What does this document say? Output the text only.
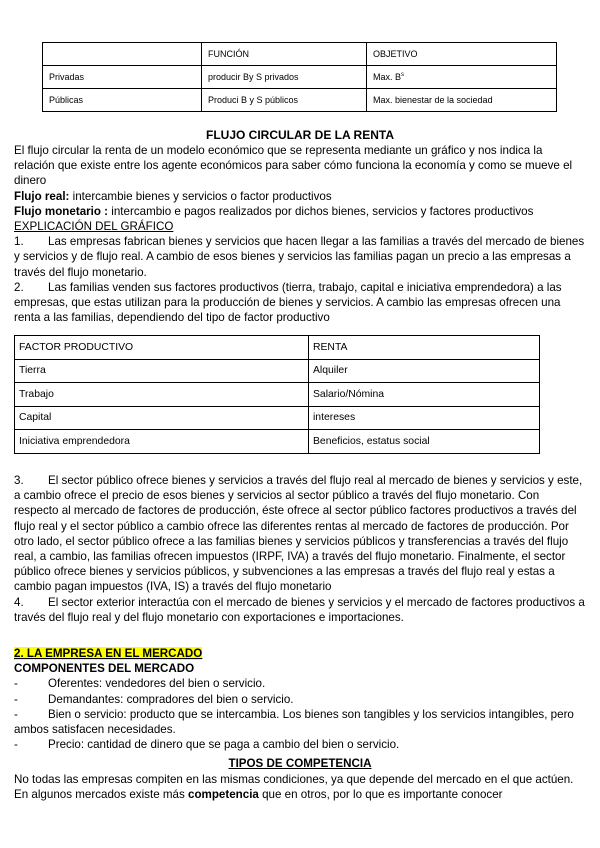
	FUNCIÓN	OBJETIVO
Privadas	producir By S privados	Max. $B^s$
Públicas	Produci B y S públicos	Max. bienestar de la sociedad
FLUJO CIRCULAR DE LA RENTA
El flujo circular la renta de un modelo económico que se representa mediante un gráfico y nos indica la relación que existe entre los agente económicos para saber cómo funciona la economía y como se mueve el dinero
Flujo real: intercambie bienes y servicios o factor productivos
Flujo monetario : intercambio e pagos realizados por dichos bienes, servicios y factores productivos
EXPLICACIÓN DEL GRÁFICO
1. Las empresas fabrican bienes y servicios que hacen llegar a las familias a través del mercado de bienes y servicios y de flujo real. A cambio de esos bienes y servicios las familias pagan un precio a las empresas a través del flujo monetario.
2. Las familias venden sus factores productivos (tierra, trabajo, capital e iniciativa emprendedora) a las empresas, que estas utilizan para la producción de bienes y servicios. A cambio las empresas ofrecen una renta a las familias, dependiendo del tipo de factor productivo
FACTOR PRODUCTIVO	RENTA
Tierra	Alquiler
Trabajo	Salario/Nómina
Capital	intereses
Iniciativa emprendedora	Beneficios, estatus social
3. El sector público ofrece bienes y servicios a través del flujo real al mercado de bienes y servicios y este, a cambio ofrece el precio de esos bienes y servicios al sector público a través del flujo monetario. Con respecto al mercado de factores de producción, éste ofrece al sector público factores productivos a través del flujo real y el sector público a cambio ofrece las diferentes rentas al mercado de factores de producción. Por otro lado, el sector público ofrece a las familias bienes y servicios públicos y transferencias a través del flujo real, a cambio, las familias ofrecen impuestos (IRPF, IVA) a través del flujo monetario. Finalmente, el sector público ofrece bienes y servicios públicos, y subvenciones a las empresas a través del flujo real y estas a cambio pagan impuestos (IVA, IS) a través del flujo monetario
4. El sector exterior interactúa con el mercado de bienes y servicios y el mercado de factores productivos a través del flujo real y del flujo monetario con exportaciones e importaciones.
2. LA EMPRESA EN EL MERCADO
COMPONENTES DEL MERCADO
-	Oferentes: vendedores del bien o servicio.
-	Demandantes: compradores del bien o servicio.
-	Bien o servicio: producto que se intercambia. Los bienes son tangibles y los servicios intangibles, pero ambos satisfacen necesidades.
-	Precio: cantidad de dinero que se paga a cambio del bien o servicio.
TIPOS DE COMPETENCIA
No todas las empresas compiten en las mismas condiciones, ya que depende del mercado en el que actúen. En algunos mercados existe más competencia que en otros, por lo que es importante conocer
